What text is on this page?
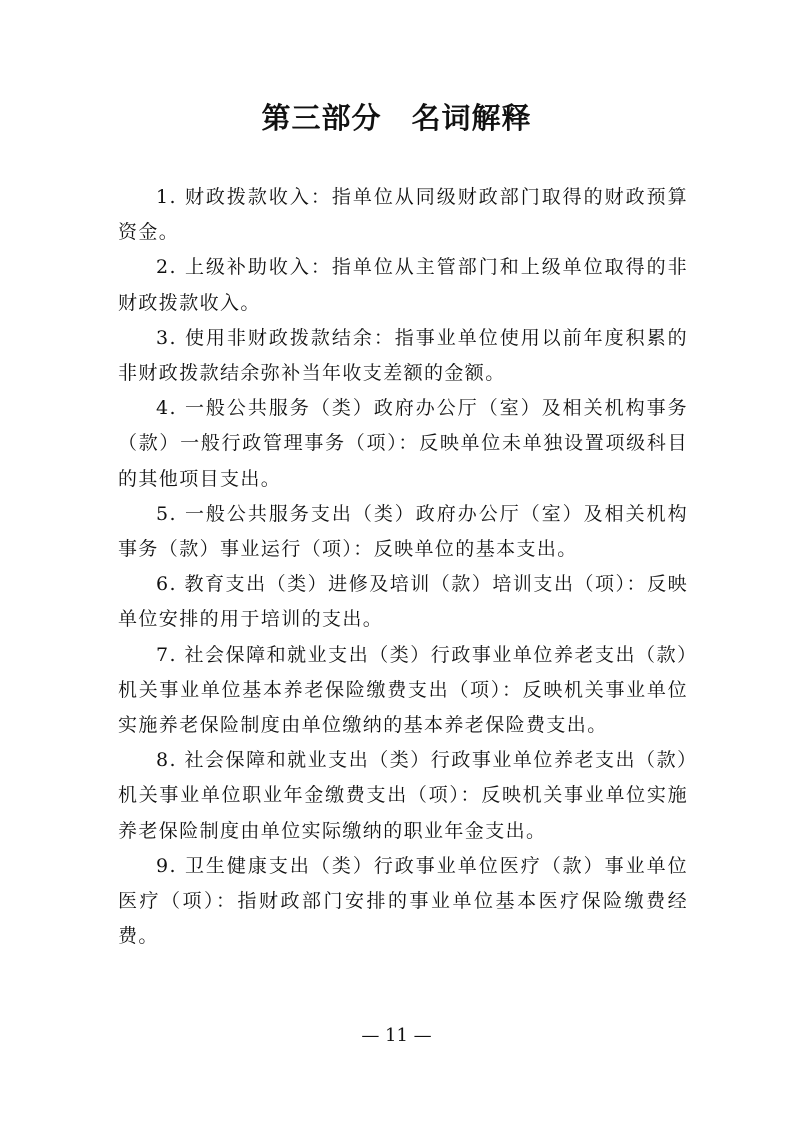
第三部分　名词解释

1. 财政拨款收入：指单位从同级财政部门取得的财政预算资金。

2. 上级补助收入：指单位从主管部门和上级单位取得的非财政拨款收入。

3. 使用非财政拨款结余：指事业单位使用以前年度积累的非财政拨款结余弥补当年收支差额的金额。

4. 一般公共服务（类）政府办公厅（室）及相关机构事务（款）一般行政管理事务（项）：反映单位未单独设置项级科目的其他项目支出。

5. 一般公共服务支出（类）政府办公厅（室）及相关机构事务（款）事业运行（项）：反映单位的基本支出。

6. 教育支出（类）进修及培训（款）培训支出（项）：反映单位安排的用于培训的支出。

7. 社会保障和就业支出（类）行政事业单位养老支出（款）机关事业单位基本养老保险缴费支出（项）：反映机关事业单位实施养老保险制度由单位缴纳的基本养老保险费支出。

8. 社会保障和就业支出（类）行政事业单位养老支出（款）机关事业单位职业年金缴费支出（项）：反映机关事业单位实施养老保险制度由单位实际缴纳的职业年金支出。

9. 卫生健康支出（类）行政事业单位医疗（款）事业单位医疗（项）：指财政部门安排的事业单位基本医疗保险缴费经费。

— 11 —
